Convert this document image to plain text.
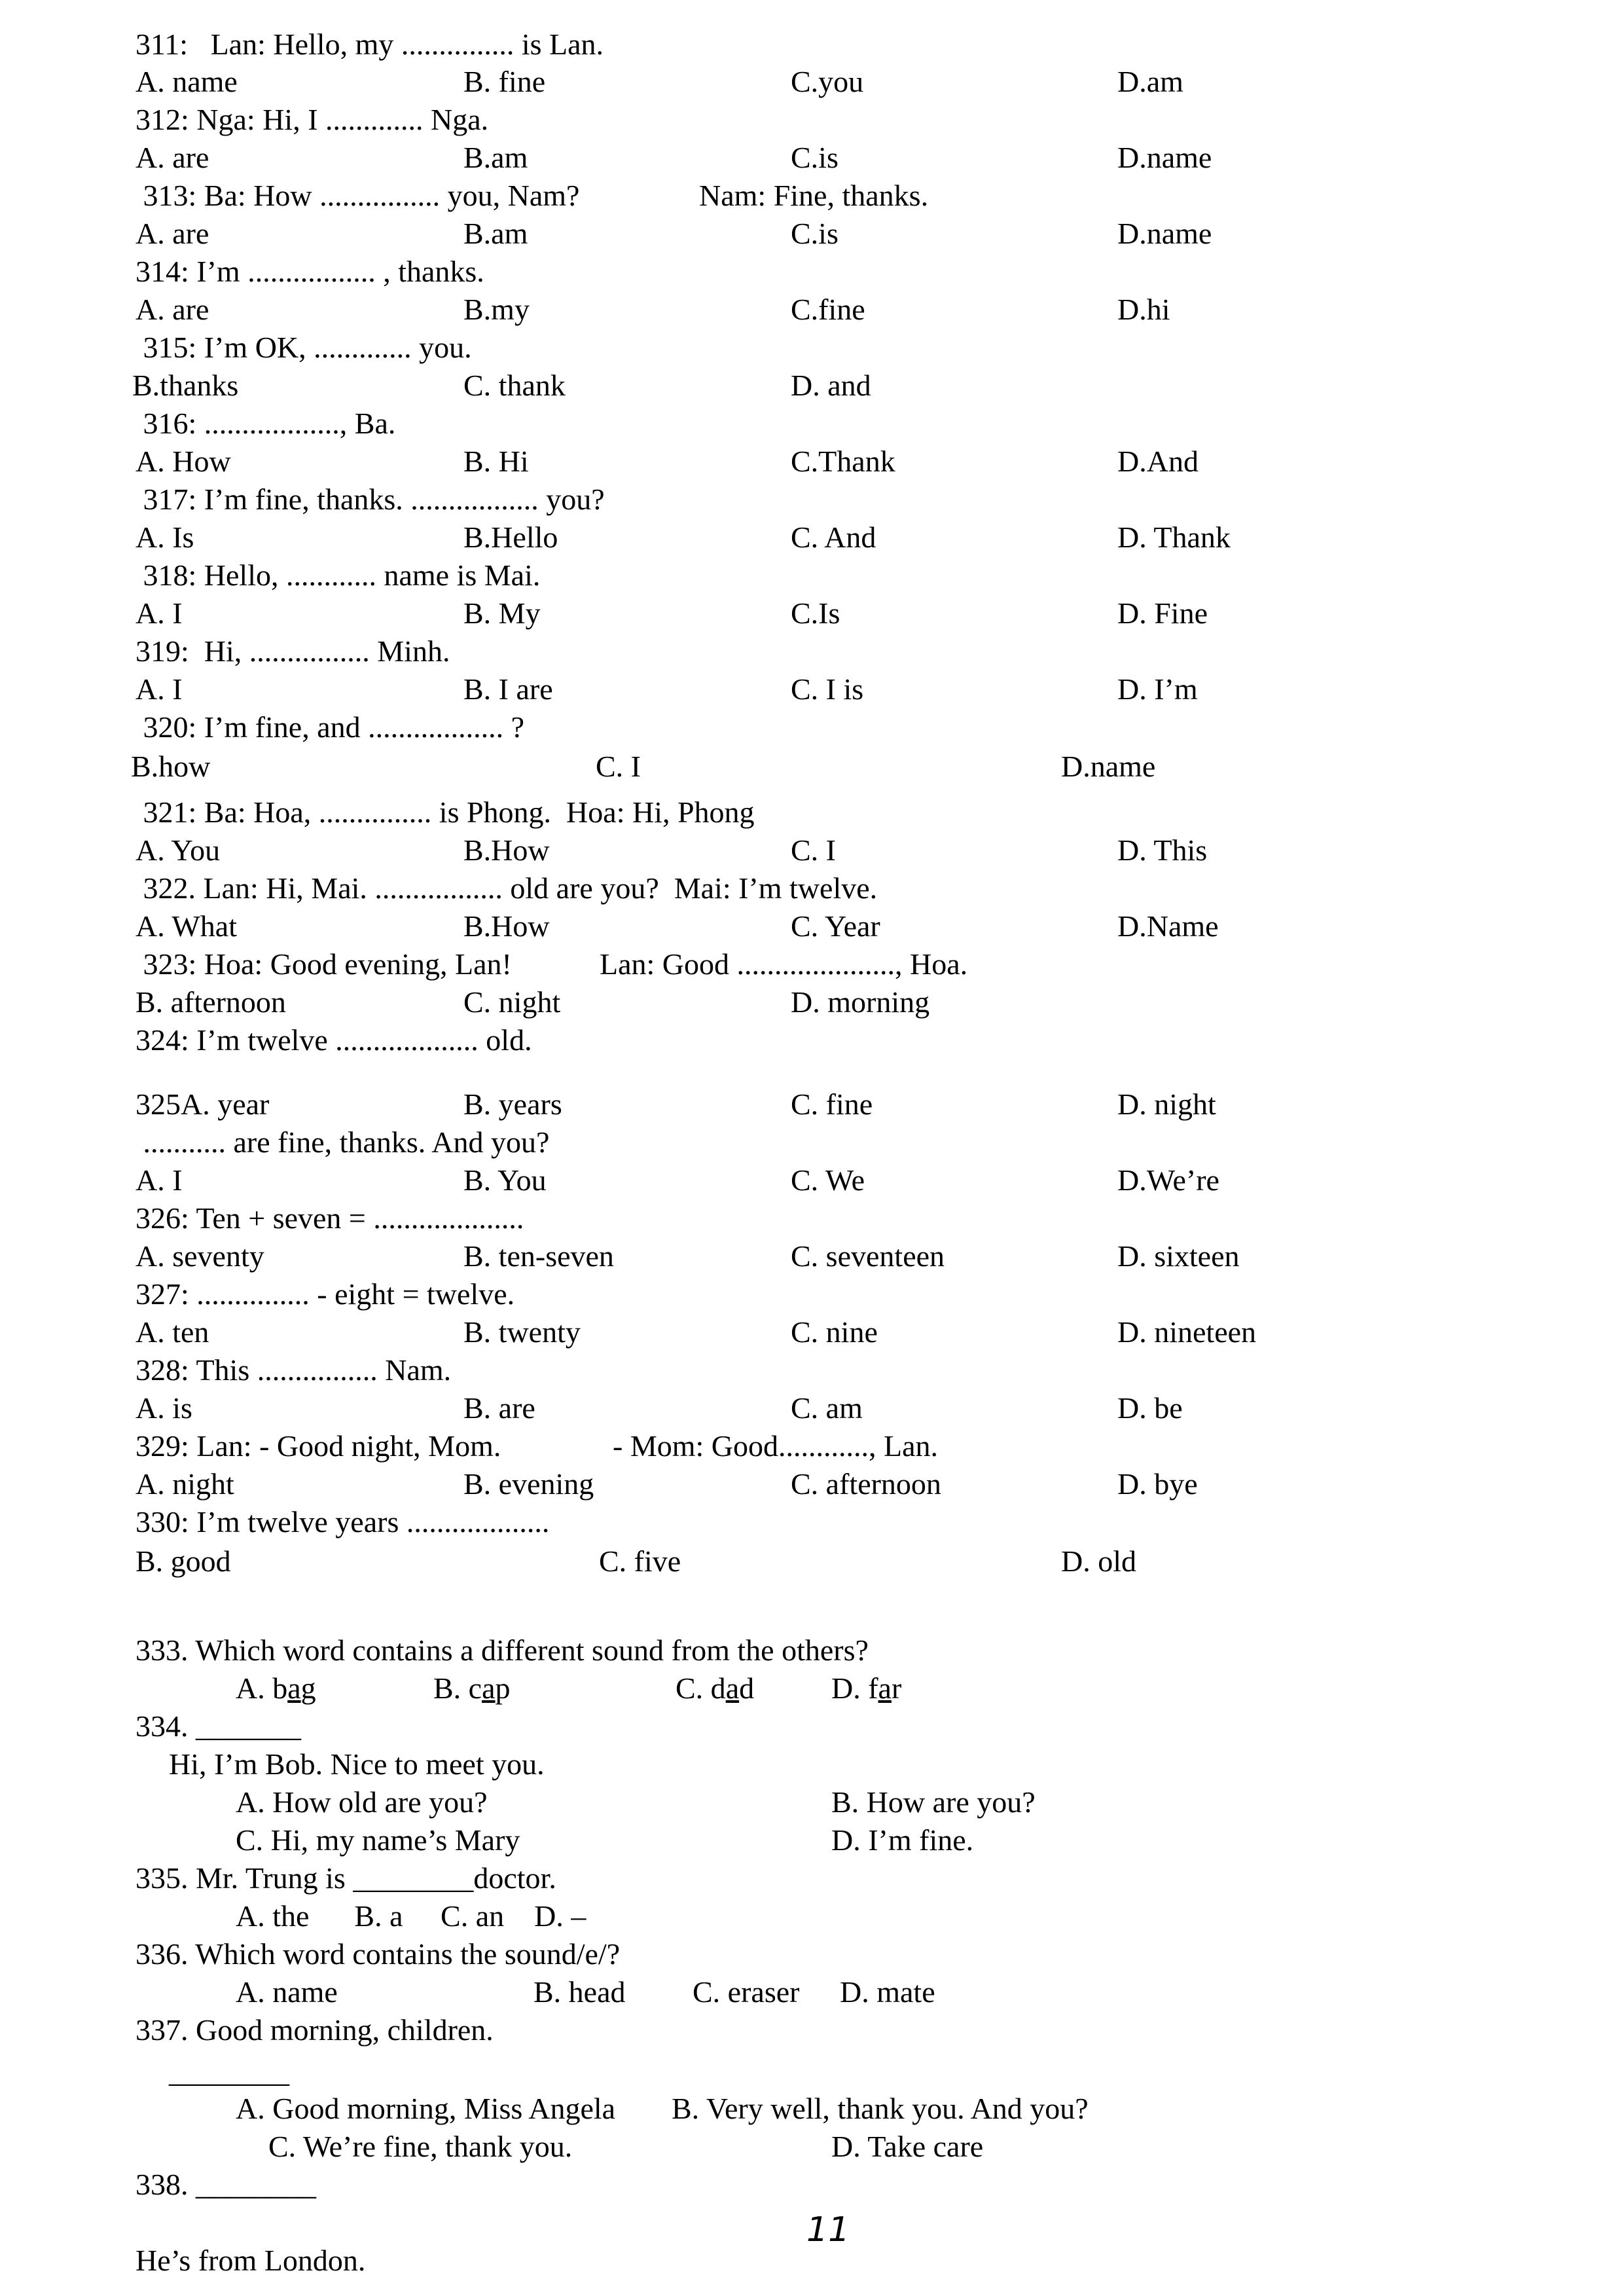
311:   Lan: Hello, my ............... is Lan.
A. name	B. fine	C.you	D.am
312: Nga: Hi, I ............. Nga.
A. are	B.am	C.is	D.name
313: Ba: How ................ you, Nam?	Nam: Fine, thanks.
A. are	B.am	C.is	D.name
314: I’m ................. , thanks.
A. are	B.my	C.fine	D.hi
315: I’m OK, ............. you.
B.thanks	C. thank	D. and
316: .................., Ba.
A. How	B. Hi	C.Thank	D.And
317: I’m fine, thanks. ................. you?
A. Is	B.Hello	C. And	D. Thank
318: Hello, ............ name is Mai.
A. I	B. My	C.Is	D. Fine
319:  Hi, ................ Minh.
A. I	B. I are	C. I is	D. I’m
320: I’m fine, and .................. ?
B.how	C. I	D.name
321: Ba: Hoa, ............... is Phong.  Hoa: Hi, Phong
A. You	B.How	C. I	D. This
322. Lan: Hi, Mai. ................. old are you?  Mai: I’m twelve.
A. What	B.How	C. Year	D.Name
323: Hoa: Good evening, Lan!	Lan: Good ....................., Hoa.
B. afternoon	C. night	D. morning
324: I’m twelve ................... old.
325A. year	B. years	C. fine	D. night
........... are fine, thanks. And you?
A. I	B. You	C. We	D.We’re
326: Ten + seven = ....................
A. seventy	B. ten-seven	C. seventeen	D. sixteen
327: ............... - eight = twelve.
A. ten	B. twenty	C. nine	D. nineteen
328: This ................ Nam.
A. is	B. are	C. am	D. be
329: Lan: - Good night, Mom.	- Mom: Good............, Lan.
A. night	B. evening	C. afternoon	D. bye
330: I’m twelve years ...................
B. good	C. five	D. old
333. Which word contains a different sound from the others?
A. bag	B. cap	C. dad	D. far
334. _______
Hi, I’m Bob. Nice to meet you.
A. How old are you?	B. How are you?
C. Hi, my name’s Mary	D. I’m fine.
335. Mr. Trung is ________doctor.
A. the      B. a     C. an    D. –
336. Which word contains the sound/e/?
A. name	B. head C. eraser D. mate
337. Good morning, children.
________
A. Good morning, Miss Angela B. Very well, thank you. And you?
C. We’re fine, thank you.	D. Take care
338. ________
He’s from London.
11
